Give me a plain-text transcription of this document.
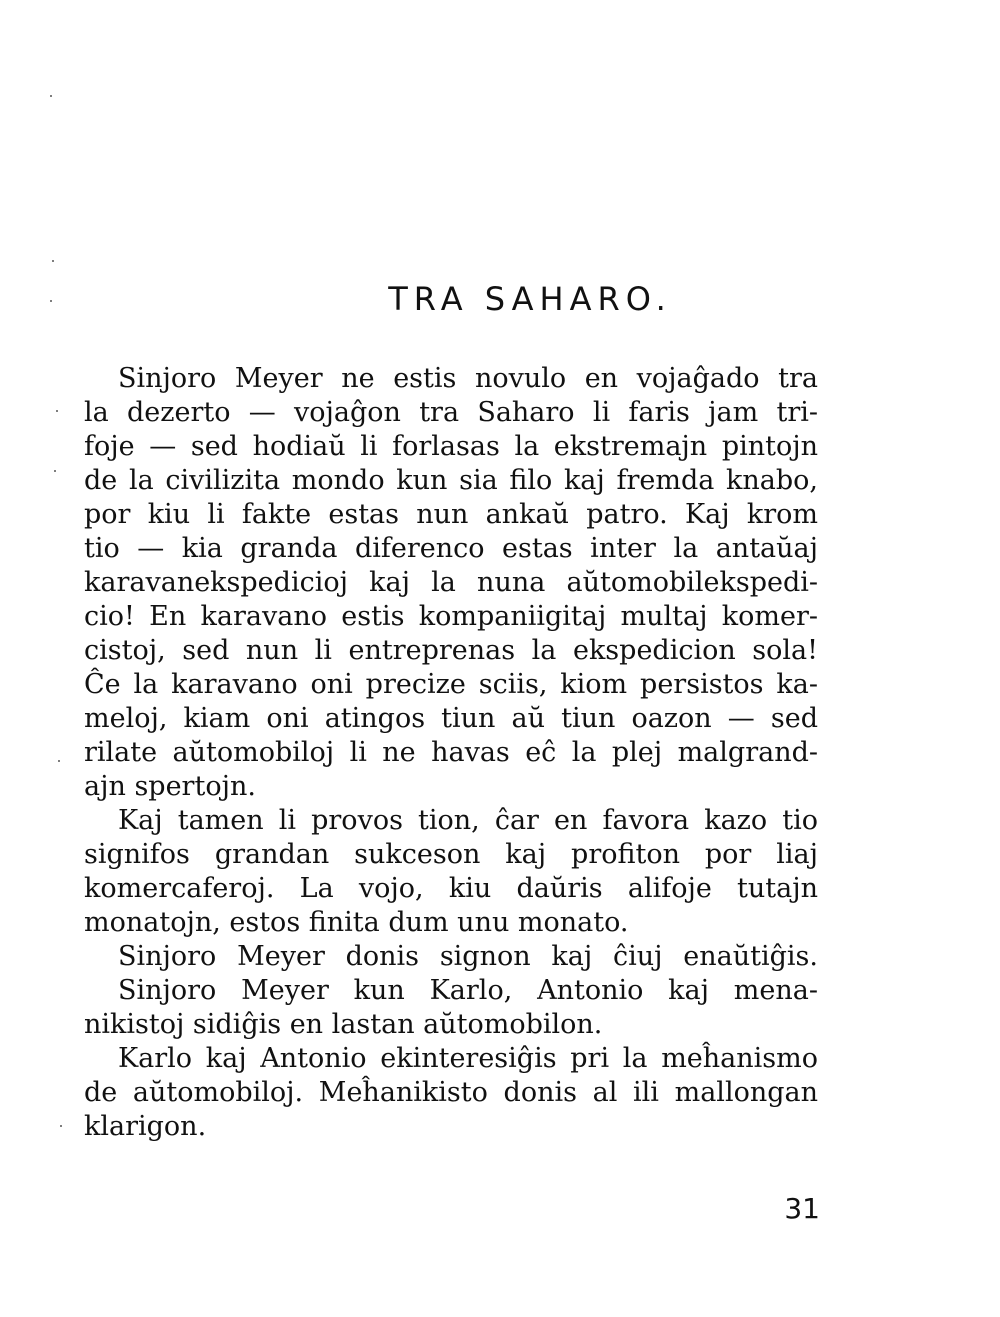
TRA SAHARO.
Sinjoro Meyer ne estis novulo en vojaĝado tra
la dezerto — vojaĝon tra Saharo li faris jam tri-
foje — sed hodiaŭ li forlasas la ekstremajn pintojn
de la civilizita mondo kun sia filo kaj fremda knabo,
por kiu li fakte estas nun ankaŭ patro. Kaj krom
tio — kia granda diferenco estas inter la antaŭaj
karavanekspedicioj kaj la nuna aŭtomobilekspedi-
cio! En karavano estis kompaniigitaj multaj komer-
cistoj, sed nun li entreprenas la ekspedicion sola!
Ĉe la karavano oni precize sciis, kiom persistos ka-
meloj, kiam oni atingos tiun aŭ tiun oazon — sed
rilate aŭtomobiloj li ne havas eĉ la plej malgrand-
ajn spertojn.
Kaj tamen li provos tion, ĉar en favora kazo tio
signifos grandan sukceson kaj profiton por liaj
komercaferoj. La vojo, kiu daŭris alifoje tutajn
monatojn, estos finita dum unu monato.
Sinjoro Meyer donis signon kaj ĉiuj enaŭtiĝis.
Sinjoro Meyer kun Karlo, Antonio kaj mena-
nikistoj sidiĝis en lastan aŭtomobilon.
Karlo kaj Antonio ekinteresiĝis pri la meĥanismo
de aŭtomobiloj. Meĥanikisto donis al ili mallongan
klarigon.
31
